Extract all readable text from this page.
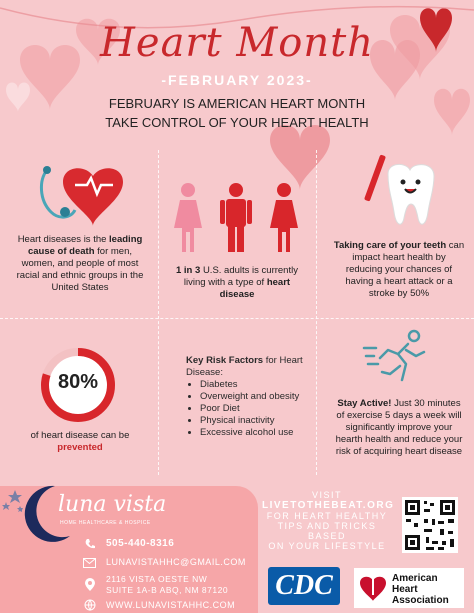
Heart Month
-FEBRUARY 2023-
FEBRUARY IS AMERICAN HEART MONTH
TAKE CONTROL OF YOUR HEART HEALTH
Heart diseases is the leading cause of death for men, women, and people of most racial and ethnic groups in the United States
1 in 3 U.S. adults is currently living with a type of heart disease
Taking care of your teeth can impact heart health by reducing your chances of having a heart attack or a stroke by 50%
80%
of heart disease can be prevented
Key Risk Factors for Heart Disease:
• Diabetes
• Overweight and obesity
• Poor Diet
• Physical inactivity
• Excessive alcohol use
Stay Active! Just 30 minutes of exercise 5 days a week will significantly improve your hearth health and reduce your risk of acquiring heart disease
luna vista
HOME HEALTHCARE & HOSPICE
505-440-8316
LUNAVISTAHHC@GMAIL.COM
2116 VISTA OESTE NW
SUITE 1A-B ABQ, NM 87120
WWW.LUNAVISTAHHC.COM
VISIT
LIVETOTHEBEAT.ORG
FOR HEART HEALTHY
TIPS AND TRICKS BASED
ON YOUR LIFESTYLE
CDC	American
Heart
Association
